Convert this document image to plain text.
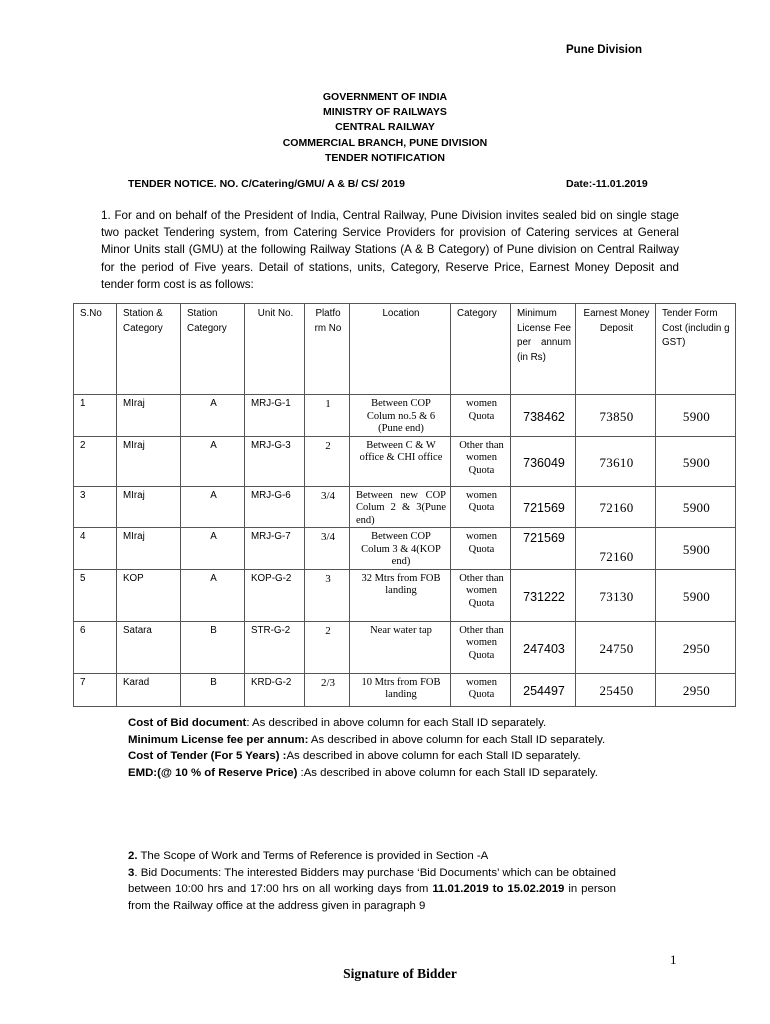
Pune Division
GOVERNMENT OF INDIA
MINISTRY OF RAILWAYS
CENTRAL RAILWAY
COMMERCIAL BRANCH, PUNE DIVISION
TENDER NOTIFICATION
TENDER NOTICE. NO. C/Catering/GMU/ A & B/ CS/ 2019	Date:-11.01.2019
1. For and on behalf of the President of India, Central Railway, Pune Division invites sealed bid on single stage two packet Tendering system, from Catering Service Providers for provision of Catering services at General Minor Units stall (GMU) at the following Railway Stations (A & B Category) of Pune division on Central Railway for the period of Five years. Detail of stations, units, Category, Reserve Price, Earnest Money Deposit and tender form cost is as follows:
S.No	Station & Category	Station Category	Unit No.	Platfo rm No	Location	Category	Minimum License Fee per annum (in Rs)	Earnest Money Deposit	Tender Form Cost (includin g GST)
1	MIraj	A	MRJ-G-1	1	Between COP Colum no.5 & 6 (Pune end)	women Quota	738462	73850	5900
2	MIraj	A	MRJ-G-3	2	Between C & W office & CHI office	Other than women Quota	736049	73610	5900
3	MIraj	A	MRJ-G-6	3/4	Between new COP Colum 2 & 3(Pune end)	women Quota	721569	72160	5900
4	MIraj	A	MRJ-G-7	3/4	Between COP Colum 3 & 4(KOP end)	women Quota	721569	72160	5900
5	KOP	A	KOP-G-2	3	32 Mtrs from FOB landing	Other than women Quota	731222	73130	5900
6	Satara	B	STR-G-2	2	Near water tap	Other than women Quota	247403	24750	2950
7	Karad	B	KRD-G-2	2/3	10 Mtrs from FOB landing	women Quota	254497	25450	2950

Cost of Bid document: As described in above column for each Stall ID separately.

Minimum License fee per annum: As described in above column for each Stall ID separately.

Cost of Tender (For 5 Years) :As described in above column for each Stall ID separately.

EMD:(@ 10 % of Reserve Price) :As described in above column for each Stall ID separately.

2. The Scope of Work and Terms of Reference is provided in Section -A

3. Bid Documents: The interested Bidders may purchase ‘Bid Documents’ which can be obtained between 10:00 hrs and 17:00 hrs on all working days from 11.01.2019 to 15.02.2019 in person from the Railway office at the address given in paragraph 9

1
Signature of Bidder
